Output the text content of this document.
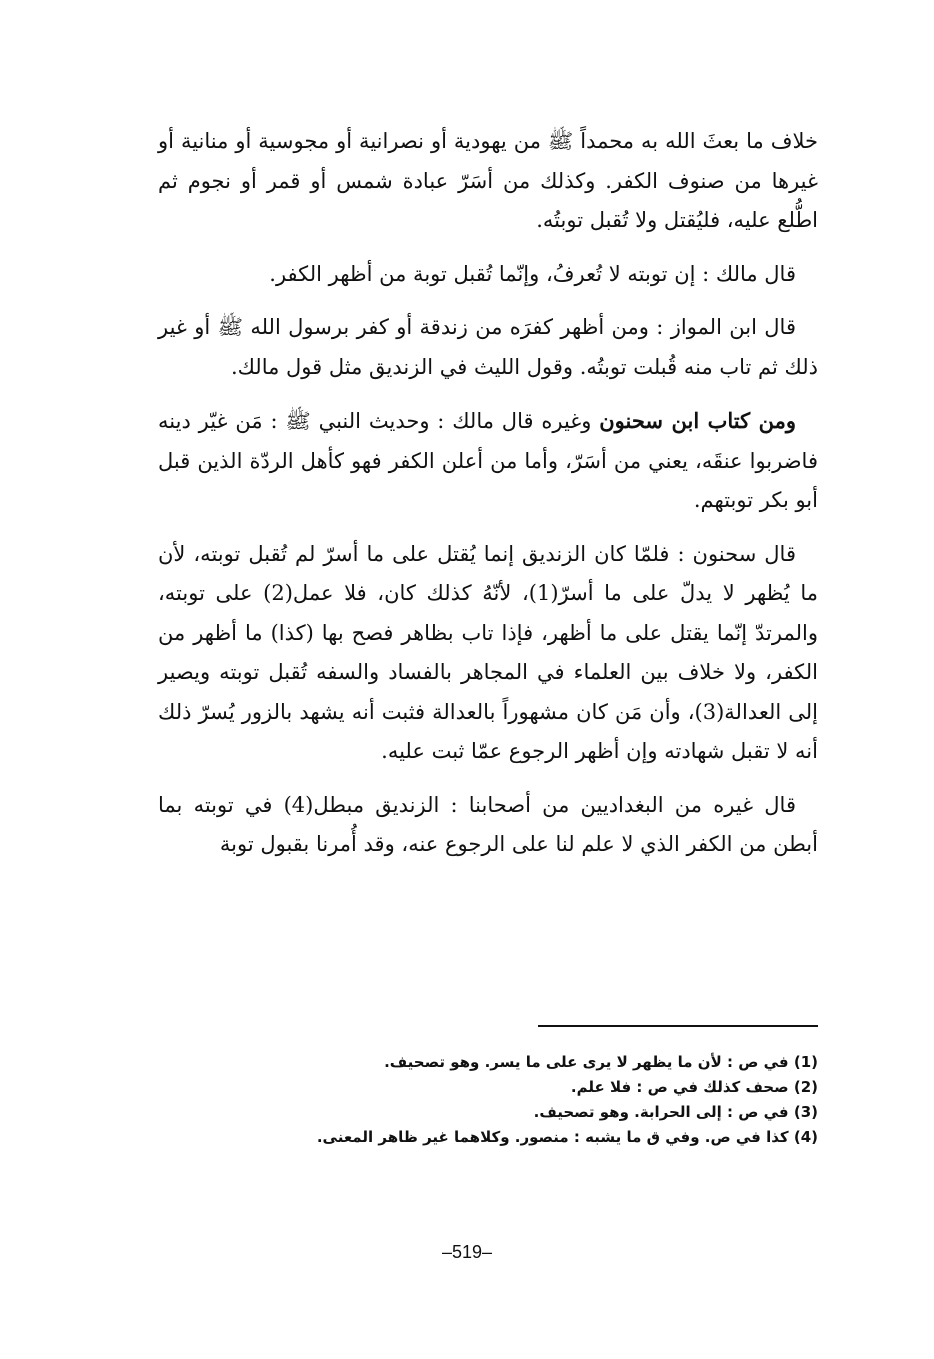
خلاف ما بعثَ الله به محمداً ﷺ من يهودية أو نصرانية أو مجوسية أو منانية أو غيرها من صنوف الكفر. وكذلك من أسَرّ عبادة شمس أو قمر أو نجوم ثم اطُّلع عليه، فليُقتل ولا تُقبل توبتُه.

قال مالك : إن توبته لا تُعرفُ، وإنّما تُقبل توبة من أظهر الكفر.

قال ابن المواز : ومن أظهر كفرَه من زندقة أو كفر برسول الله ﷺ أو غير ذلك ثم تاب منه قُبلت توبتُه. وقول الليث في الزنديق مثل قول مالك.

ومن كتاب ابن سحنون وغيره قال مالك : وحديث النبي ﷺ : مَن غيّر دينه فاضربوا عنقَه، يعني من أسَرّ، وأما من أعلن الكفر فهو كأهل الردّة الذين قبل أبو بكر توبتهم.

قال سحنون : فلمّا كان الزنديق إنما يُقتل على ما أسرّ لم تُقبل توبته، لأن ما يُظهر لا يدلّ على ما أسرّ(1)، لأنّهُ كذلك كان، فلا عمل(2) على توبته، والمرتدّ إنّما يقتل على ما أظهر، فإذا تاب بظاهر فصح بها (كذا) ما أظهر من الكفر، ولا خلاف بين العلماء في المجاهر بالفساد والسفه تُقبل توبته ويصير إلى العدالة(3)، وأن مَن كان مشهوراً بالعدالة فثبت أنه يشهد بالزور يُسرّ ذلك أنه لا تقبل شهادته وإن أظهر الرجوع عمّا ثبت عليه.

قال غيره من البغداديين من أصحابنا : الزنديق مبطل(4) في توبته بما أبطن من الكفر الذي لا علم لنا على الرجوع عنه، وقد أُمرنا بقبول توبة

(1) في ص : لأن ما يظهر لا يرى على ما يسر. وهو تصحيف.
(2) صحف كذلك في ص : فلا علم.
(3) في ص : إلى الحرابة. وهو تصحيف.
(4) كذا في ص. وفي ق ما يشبه : منصور. وكلاهما غير ظاهر المعنى.
–519–
